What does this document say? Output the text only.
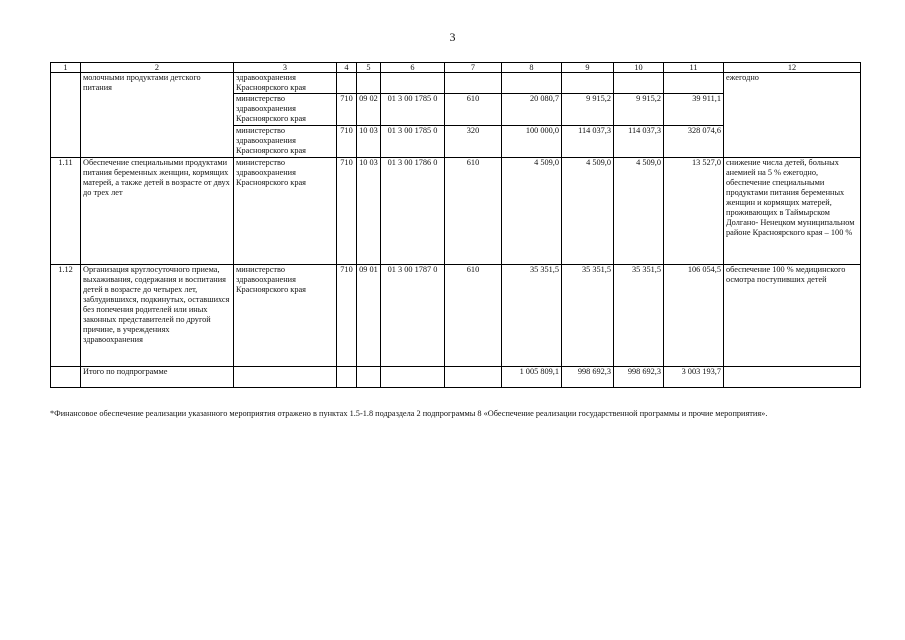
3
1	2	3	4	5	6	7	8	9	10	11	12
	молочными продуктами детского питания	здравоохранения Красноярского края									ежегодно
		министерство здравоохранения Красноярского края	710	09 02	01 3 00 1785 0	610	20 080,7	9 915,2	9 915,2	39 911,1	
		министерство здравоохранения Красноярского края	710	10 03	01 3 00 1785 0	320	100 000,0	114 037,3	114 037,3	328 074,6	
1.11	Обеспечение специальными продуктами питания беременных женщин, кормящих матерей, а также детей в возрасте от двух до трех лет	министерство здравоохранения Красноярского края	710	10 03	01 3 00 1786 0	610	4 509,0	4 509,0	4 509,0	13 527,0	снижение числа детей, больных анемией на 5 % ежегодно, обеспечение специальными продуктами питания беременных женщин и кормящих матерей, проживающих в Таймырском Долгано- Ненецком муниципальном районе Красноярского края – 100 %
1.12	Организация круглосуточного приема, выхаживания, содержания и воспитания детей в возрасте до четырех лет, заблудившихся, подкинутых, оставшихся без попечения родителей или иных законных представителей по другой причине, в учреждениях здравоохранения	министерство здравоохранения Красноярского края	710	09 01	01 3 00 1787 0	610	35 351,5	35 351,5	35 351,5	106 054,5	обеспечение 100 % медицинского осмотра поступивших детей
	Итого по подпрограмме						1 005 809,1	998 692,3	998 692,3	3 003 193,7	
*Финансовое обеспечение реализации указанного мероприятия отражено в пунктах 1.5-1.8 подраздела 2 подпрограммы 8 «Обеспечение реализации государственной программы и прочие мероприятия».
